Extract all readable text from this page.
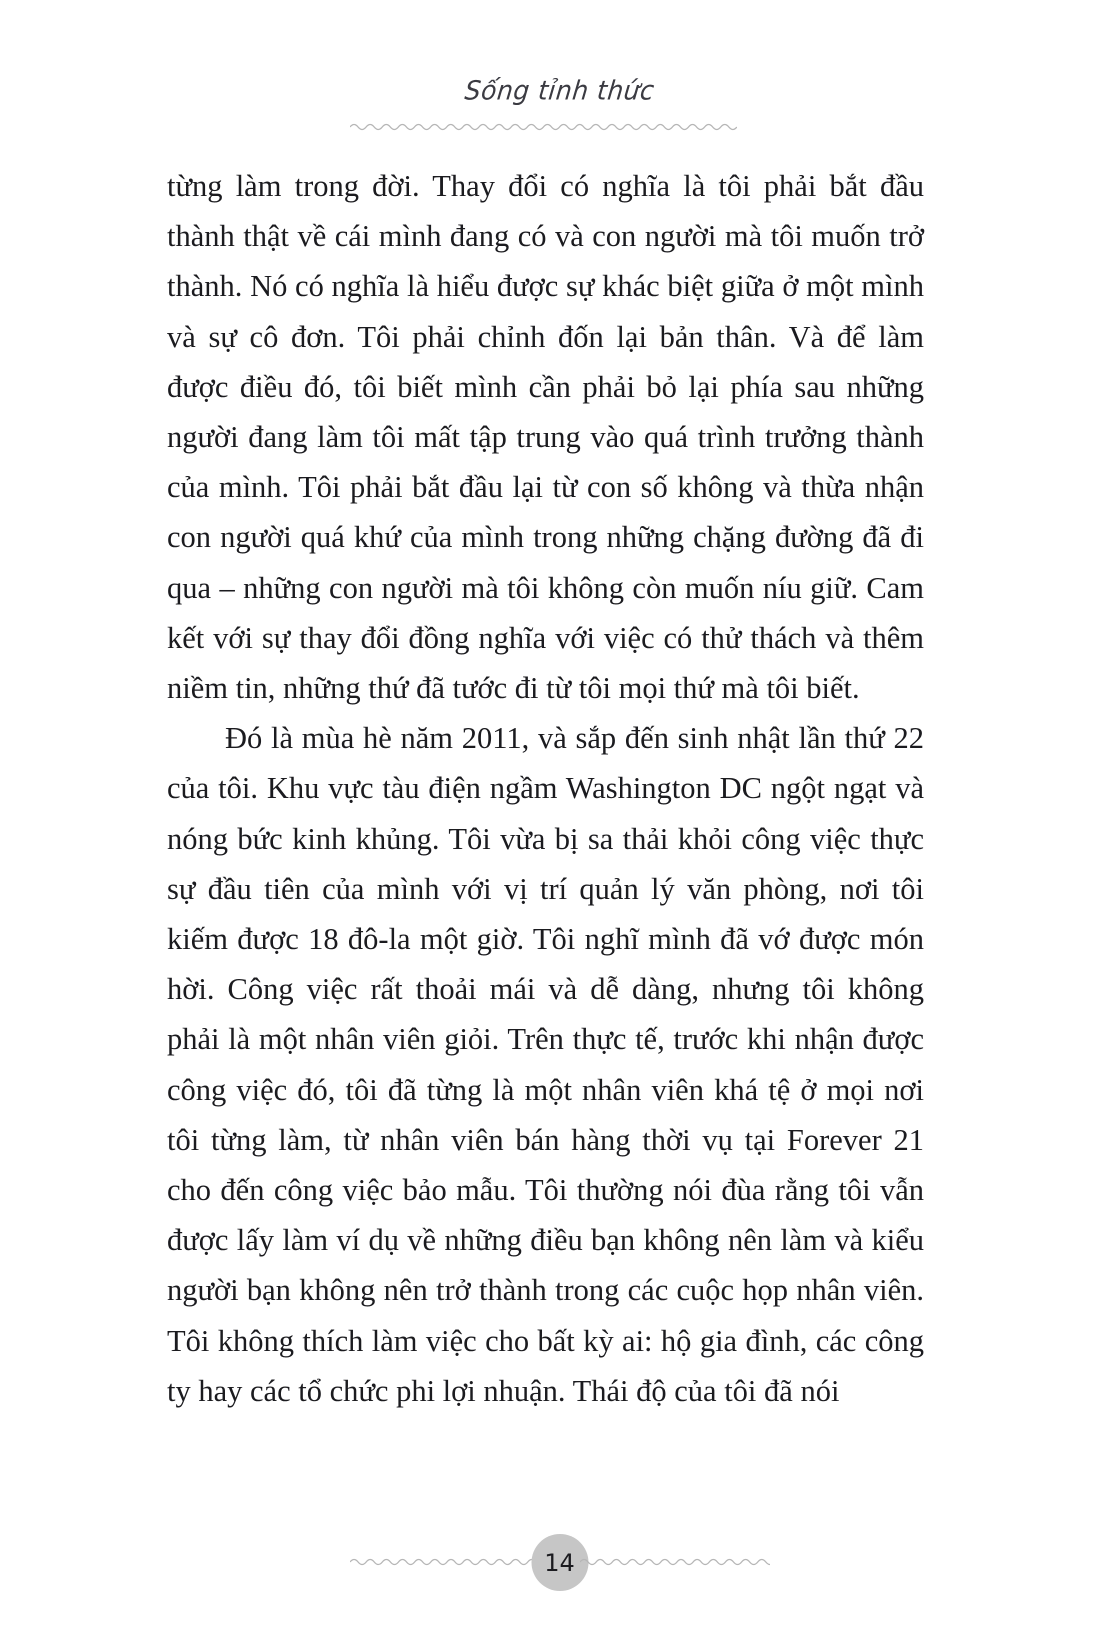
Sống tỉnh thức

từng làm trong đời. Thay đổi có nghĩa là tôi phải bắt đầu thành thật về cái mình đang có và con người mà tôi muốn trở thành. Nó có nghĩa là hiểu được sự khác biệt giữa ở một mình và sự cô đơn. Tôi phải chỉnh đốn lại bản thân. Và để làm được điều đó, tôi biết mình cần phải bỏ lại phía sau những người đang làm tôi mất tập trung vào quá trình trưởng thành của mình. Tôi phải bắt đầu lại từ con số không và thừa nhận con người quá khứ của mình trong những chặng đường đã đi qua – những con người mà tôi không còn muốn níu giữ. Cam kết với sự thay đổi đồng nghĩa với việc có thử thách và thêm niềm tin, những thứ đã tước đi từ tôi mọi thứ mà tôi biết.

Đó là mùa hè năm 2011, và sắp đến sinh nhật lần thứ 22 của tôi. Khu vực tàu điện ngầm Washington DC ngột ngạt và nóng bức kinh khủng. Tôi vừa bị sa thải khỏi công việc thực sự đầu tiên của mình với vị trí quản lý văn phòng, nơi tôi kiếm được 18 đô-la một giờ. Tôi nghĩ mình đã vớ được món hời. Công việc rất thoải mái và dễ dàng, nhưng tôi không phải là một nhân viên giỏi. Trên thực tế, trước khi nhận được công việc đó, tôi đã từng là một nhân viên khá tệ ở mọi nơi tôi từng làm, từ nhân viên bán hàng thời vụ tại Forever 21 cho đến công việc bảo mẫu. Tôi thường nói đùa rằng tôi vẫn được lấy làm ví dụ về những điều bạn không nên làm và kiểu người bạn không nên trở thành trong các cuộc họp nhân viên. Tôi không thích làm việc cho bất kỳ ai: hộ gia đình, các công ty hay các tổ chức phi lợi nhuận. Thái độ của tôi đã nói

14
